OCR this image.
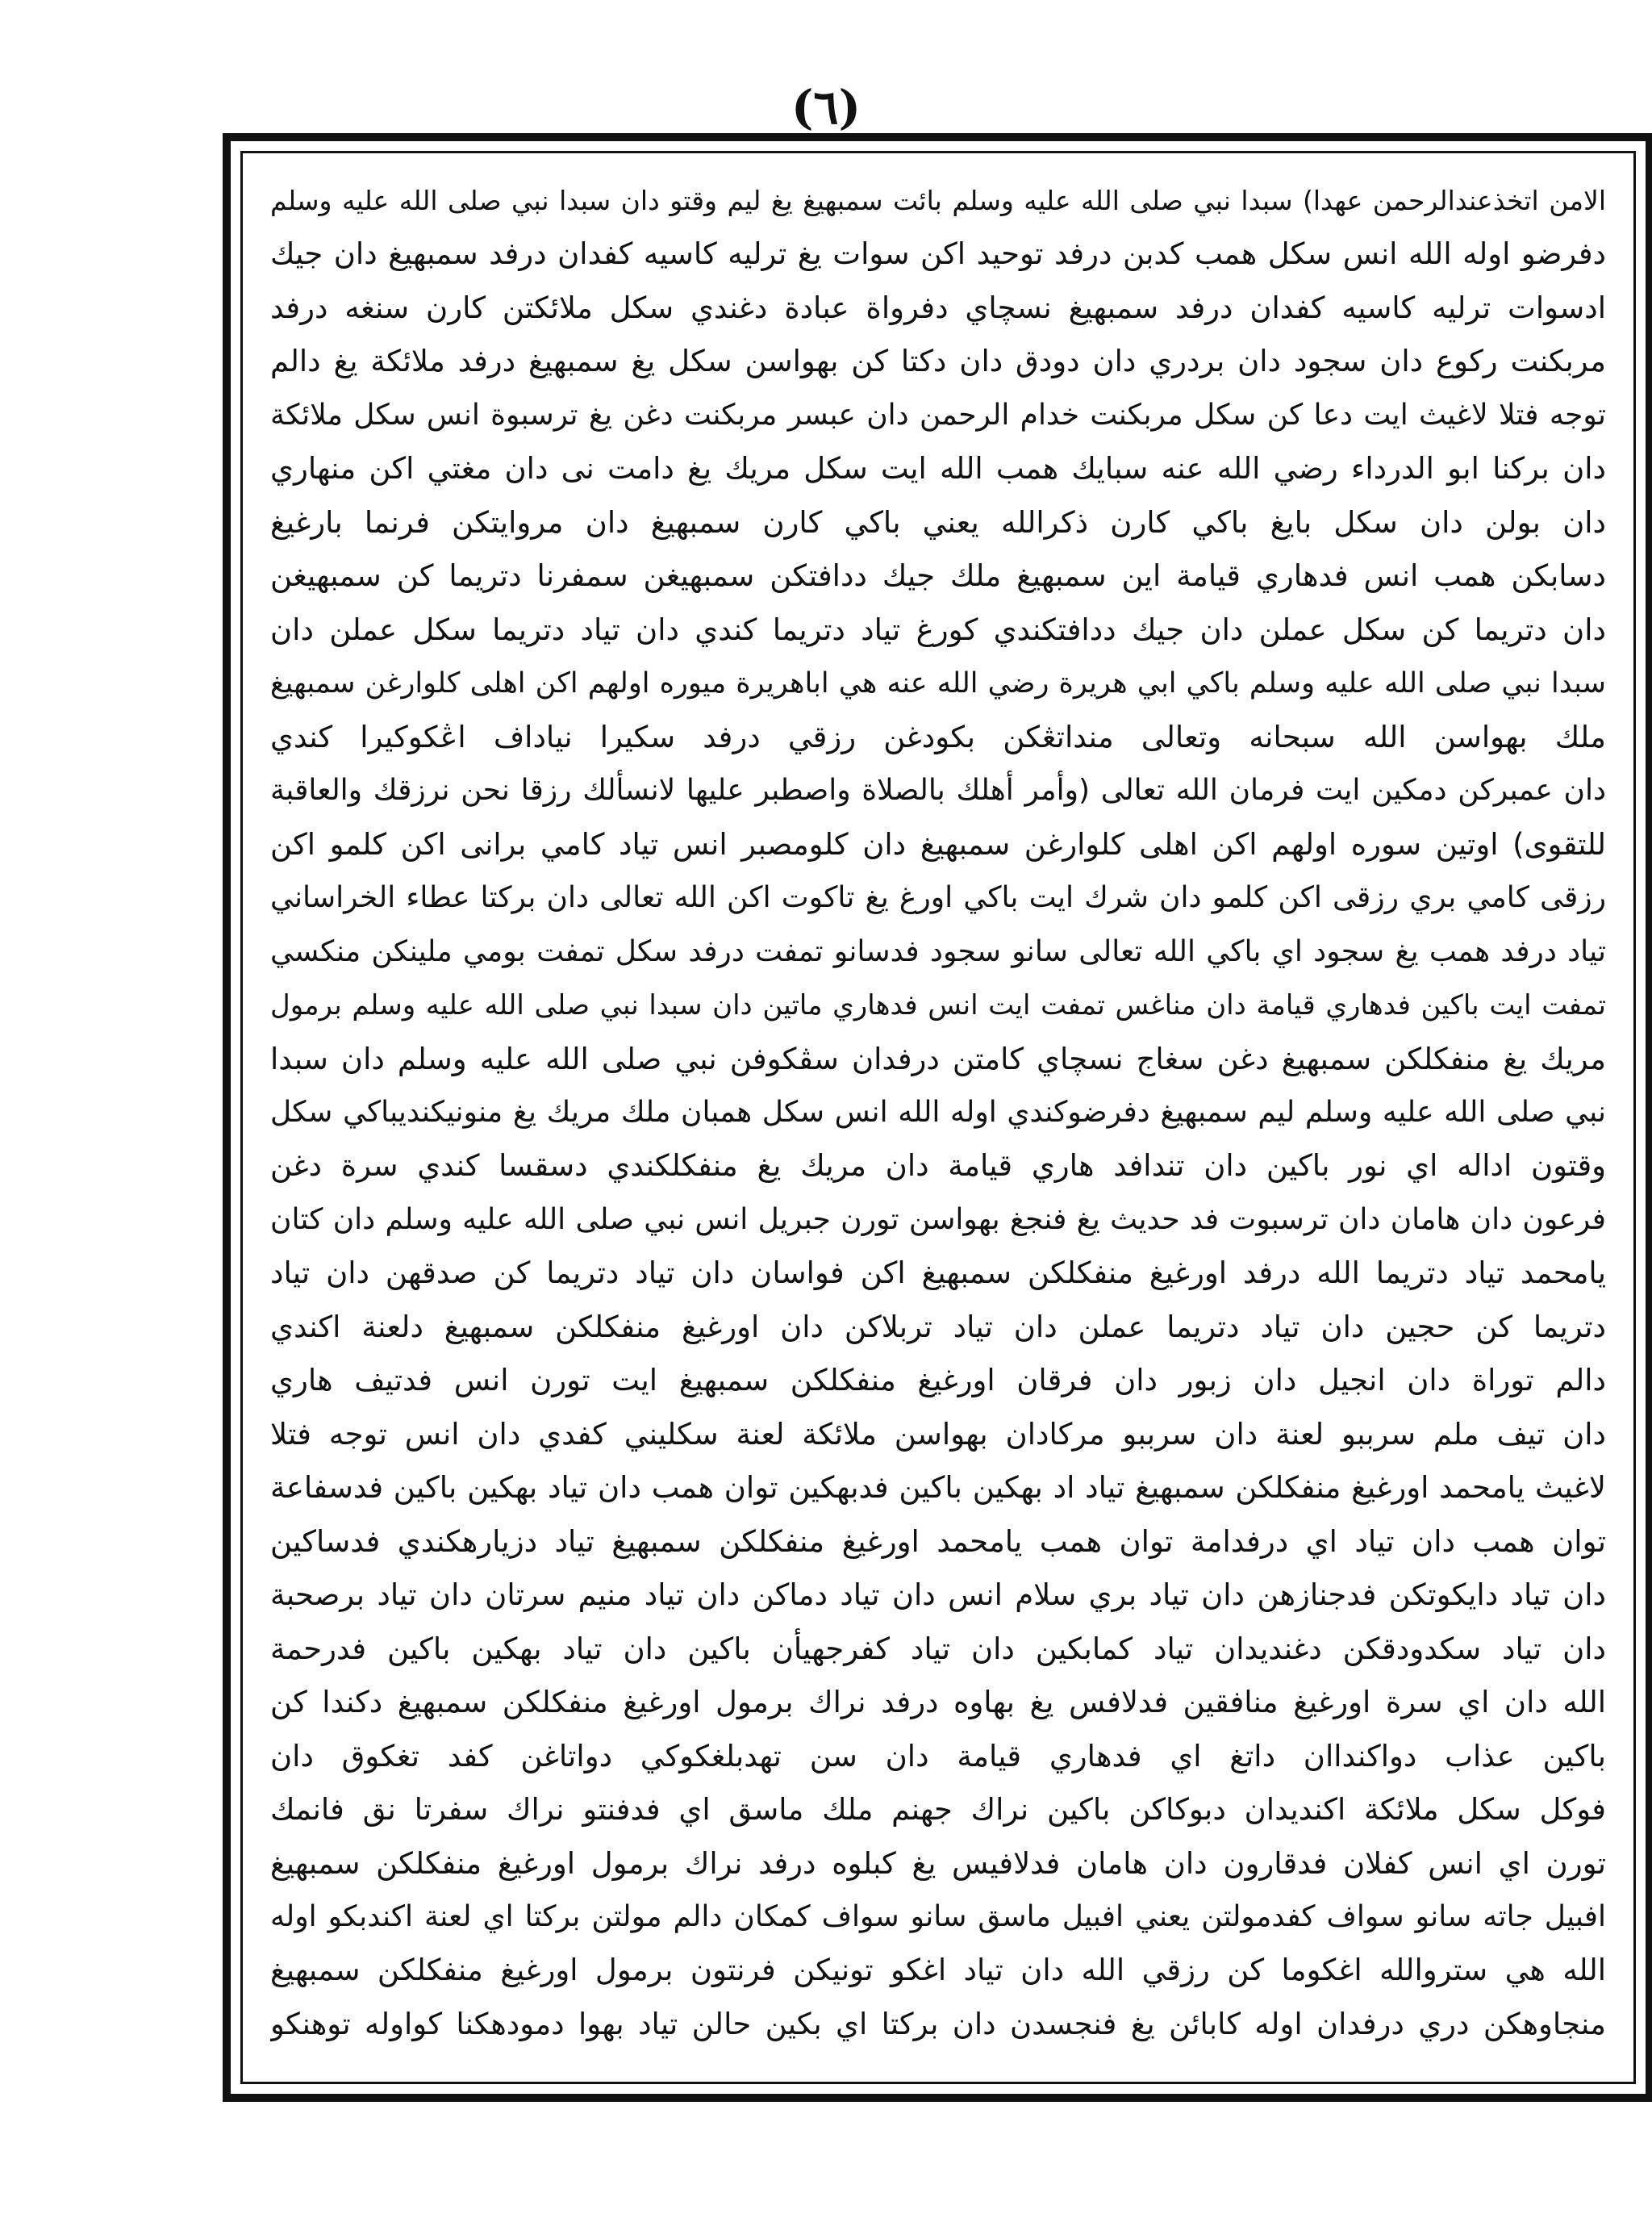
(٦)
الامن اتخذعندالرحمن عهدا) سبدا نبي صلى الله عليه وسلم بائت سمبهيغ يغ ليم وقتو دان سبدا نبي صلى الله عليه وسلم
دفرضو اوله الله انس سكل همب كدبن درفد توحيد اكن سوات يغ ترليه كاسيه كفدان درفد سمبهيغ دان جيك
ادسوات ترليه كاسيه كفدان درفد سمبهيغ نسچاي دفرواة عبادة دغندي سكل ملائكتن كارن سنغه درفد
مربكنت ركوع دان سجود دان بردري دان دودق دان دكتا كن بهواسن سكل يغ سمبهيغ درفد ملائكة يغ دالم
توجه فتلا لاغيث ايت دعا كن سكل مربكنت خدام الرحمن دان عبسر مربكنت دغن يغ ترسبوة انس سكل ملائكة
دان بركنا ابو الدرداء رضي الله عنه سبايك همب الله ايت سكل مريك يغ دامت نى دان مغتي اكن منهاري
دان بولن دان سكل بايغ باكي كارن ذكرالله يعني باكي كارن سمبهيغ دان مروايتكن فرنما بارغيغ
دسابكن همب انس فدهاري قيامة اين سمبهيغ ملك جيك ددافتكن سمبهيغن سمفرنا دتريما كن سمبهيغن
دان دتريما كن سكل عملن دان جيك ددافتكندي كورغ تياد دتريما كندي دان تياد دتريما سكل عملن دان
سبدا نبي صلى الله عليه وسلم باكي ابي هريرة رضي الله عنه هي اباهريرة ميوره اولهم اكن اهلى كلوارغن سمبهيغ
ملك بهواسن الله سبحانه وتعالى منداتڠكن بكودغن رزقي درفد سكيرا نياداف اڠكوكيرا كندي
دان عمبركن دمكين ايت فرمان الله تعالى (وأمر أهلك بالصلاة واصطبر عليها لانسألك رزقا نحن نرزقك والعاقبة
للتقوى) اوتين سوره اولهم اكن اهلى كلوارغن سمبهيغ دان كلومصبر انس تياد كامي برانى اكن كلمو اكن
رزقى كامي بري رزقى اكن كلمو دان شرك ايت باكي اورغ يغ تاكوت اكن الله تعالى دان بركتا عطاء الخراساني
تياد درفد همب يغ سجود اي باكي الله تعالى سانو سجود فدسانو تمفت درفد سكل تمفت بومي ملينكن منكسي
تمفت ايت باكين فدهاري قيامة دان مناغس تمفت ايت انس فدهاري ماتين دان سبدا نبي صلى الله عليه وسلم برمول
مريك يغ منفكلكن سمبهيغ دغن سغاج نسچاي كامتن درفدان سڤكوفن نبي صلى الله عليه وسلم دان سبدا
نبي صلى الله عليه وسلم ليم سمبهيغ دفرضوكندي اوله الله انس سكل همبان ملك مريك يغ منونيكنديباكي سكل
وقتون اداله اي نور باكين دان تندافد هاري قيامة دان مريك يغ منفكلكندي دسقسا كندي سرة دغن
فرعون دان هامان دان ترسبوت فد حديث يغ فنجغ بهواسن تورن جبريل انس نبي صلى الله عليه وسلم دان كتان
يامحمد تياد دتريما الله درفد اورغيغ منفكلكن سمبهيغ اكن فواسان دان تياد دتريما كن صدقهن دان تياد
دتريما كن حجين دان تياد دتريما عملن دان تياد تربلاكن دان اورغيغ منفكلكن سمبهيغ دلعنة اكندي
دالم توراة دان انجيل دان زبور دان فرقان اورغيغ منفكلكن سمبهيغ ايت تورن انس فدتيف هاري
دان تيف ملم سرببو لعنة دان سرببو مركادان بهواسن ملائكة لعنة سكليني كفدي دان انس توجه فتلا
لاغيث يامحمد اورغيغ منفكلكن سمبهيغ تياد اد بهكين باكين فدبهكين توان همب دان تياد بهكين باكين فدسفاعة
توان همب دان تياد اي درفدامة توان همب يامحمد اورغيغ منفكلكن سمبهيغ تياد دزيارهكندي فدساكين
دان تياد دايكوتكن فدجنازهن دان تياد بري سلام انس دان تياد دماكن دان تياد منيم سرتان دان تياد برصحبة
دان تياد سكدودقكن دغنديدان تياد كمابكين دان تياد كفرجهيأن باكين دان تياد بهكين باكين فدرحمة
الله دان اي سرة اورغيغ منافقين فدلافس يغ بهاوه درفد نراك برمول اورغيغ منفكلكن سمبهيغ دكندا كن
باكين عذاب دواكنداان داتغ اي فدهاري قيامة دان سن تهدبلغكوكي دواتاغن كفد تغكوق دان
فوكل سكل ملائكة اكنديدان دبوكاكن باكين نراك جهنم ملك ماسق اي فدفنتو نراك سفرتا نق فانمك
تورن اي انس كفلان فدقارون دان هامان فدلافيس يغ كبلوه درفد نراك برمول اورغيغ منفكلكن سمبهيغ
افبيل جاته سانو سواف كفدمولتن يعني افبيل ماسق سانو سواف كمكان دالم مولتن بركتا اي لعنة اكندبكو اوله
الله هي ستروالله اغكوما كن رزقي الله دان تياد اغكو تونيكن فرنتون برمول اورغيغ منفكلكن سمبهيغ
منجاوهكن دري درفدان اوله كابائن يغ فنجسدن دان بركتا اي بكين حالن تياد بهوا دمودهكنا كواوله توهنكو
